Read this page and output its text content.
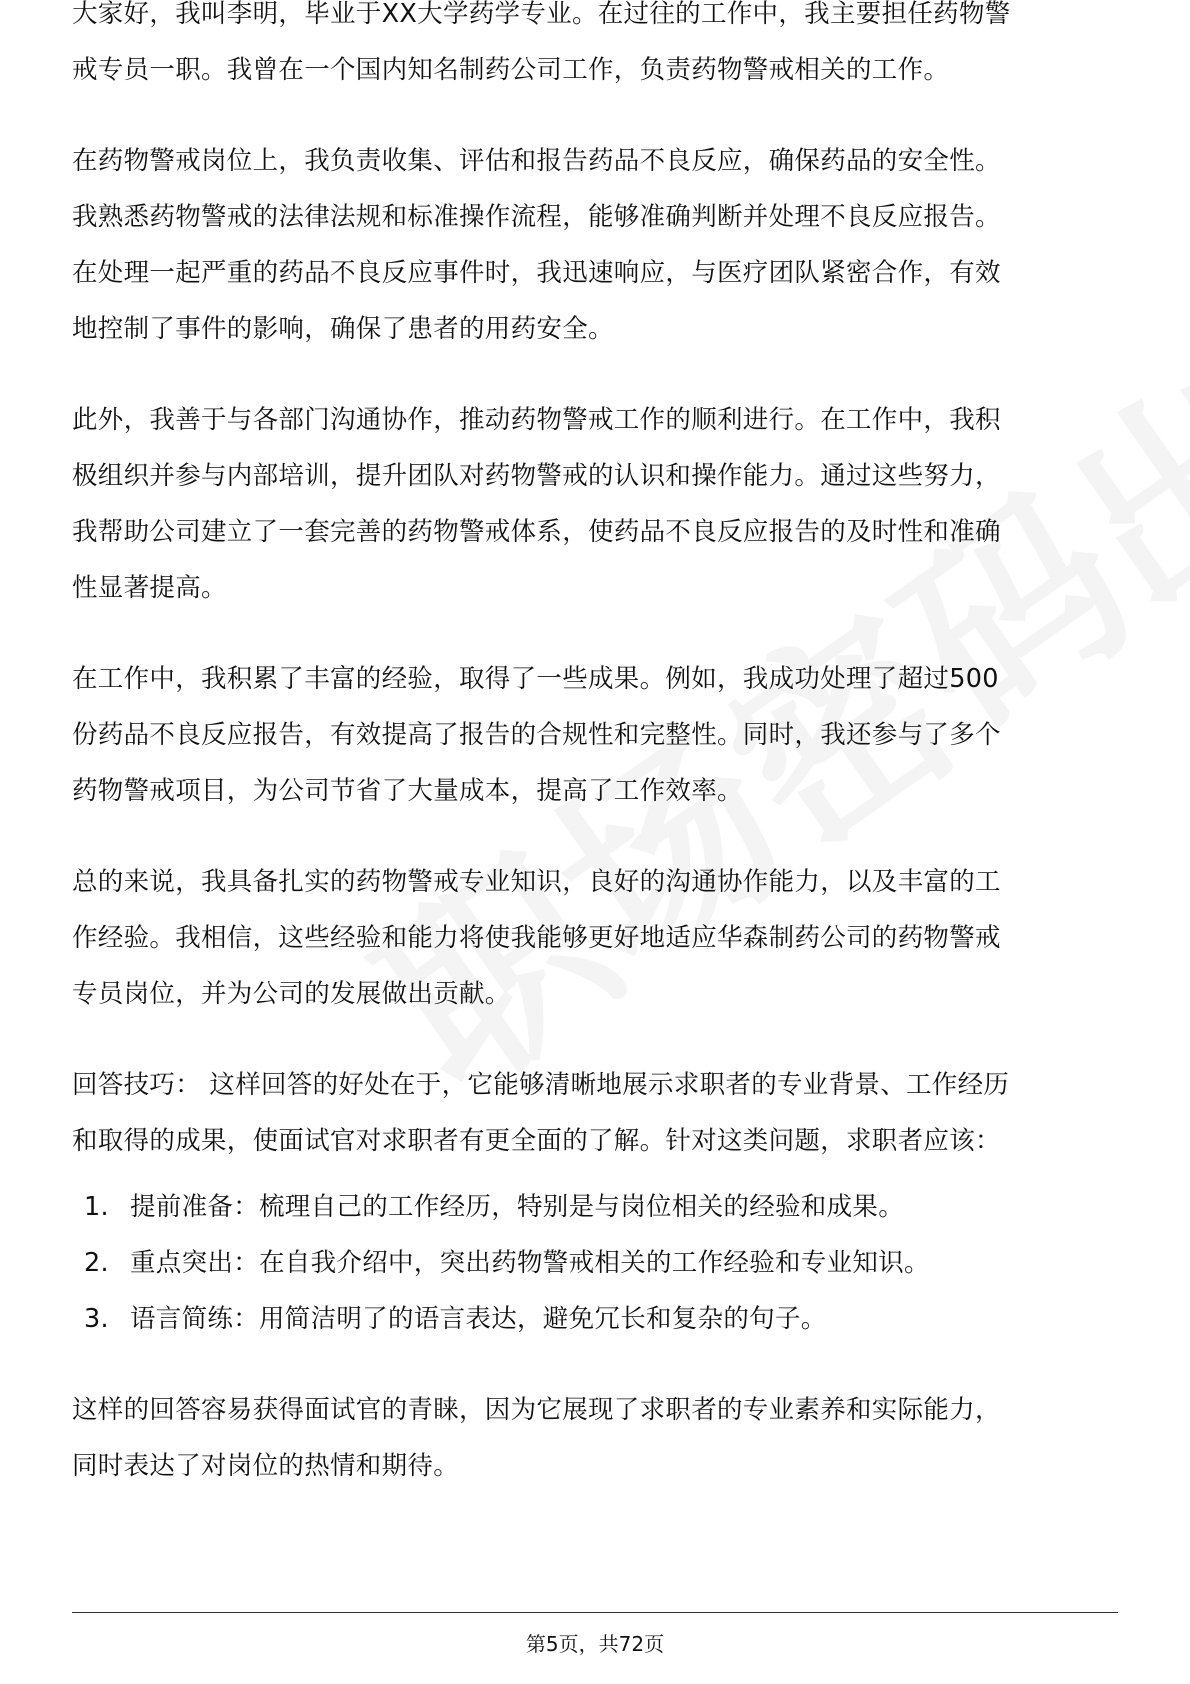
大家好，我叫李明，毕业于XX大学药学专业。在过往的工作中，我主要担任药物警
戒专员一职。我曾在一个国内知名制药公司工作，负责药物警戒相关的工作。

在药物警戒岗位上，我负责收集、评估和报告药品不良反应，确保药品的安全性。
我熟悉药物警戒的法律法规和标准操作流程，能够准确判断并处理不良反应报告。
在处理一起严重的药品不良反应事件时，我迅速响应，与医疗团队紧密合作，有效
地控制了事件的影响，确保了患者的用药安全。

此外，我善于与各部门沟通协作，推动药物警戒工作的顺利进行。在工作中，我积
极组织并参与内部培训，提升团队对药物警戒的认识和操作能力。通过这些努力，
我帮助公司建立了一套完善的药物警戒体系，使药品不良反应报告的及时性和准确
性显著提高。

在工作中，我积累了丰富的经验，取得了一些成果。例如，我成功处理了超过500
份药品不良反应报告，有效提高了报告的合规性和完整性。同时，我还参与了多个
药物警戒项目，为公司节省了大量成本，提高了工作效率。

总的来说，我具备扎实的药物警戒专业知识，良好的沟通协作能力，以及丰富的工
作经验。我相信，这些经验和能力将使我能够更好地适应华森制药公司的药物警戒
专员岗位，并为公司的发展做出贡献。

回答技巧： 这样回答的好处在于，它能够清晰地展示求职者的专业背景、工作经历
和取得的成果，使面试官对求职者有更全面的了解。针对这类问题，求职者应该：

1. 提前准备：梳理自己的工作经历，特别是与岗位相关的经验和成果。
2. 重点突出：在自我介绍中，突出药物警戒相关的工作经验和专业知识。
3. 语言简练：用简洁明了的语言表达，避免冗长和复杂的句子。

这样的回答容易获得面试官的青睐，因为它展现了求职者的专业素养和实际能力，
同时表达了对岗位的热情和期待。

第5页，共72页
